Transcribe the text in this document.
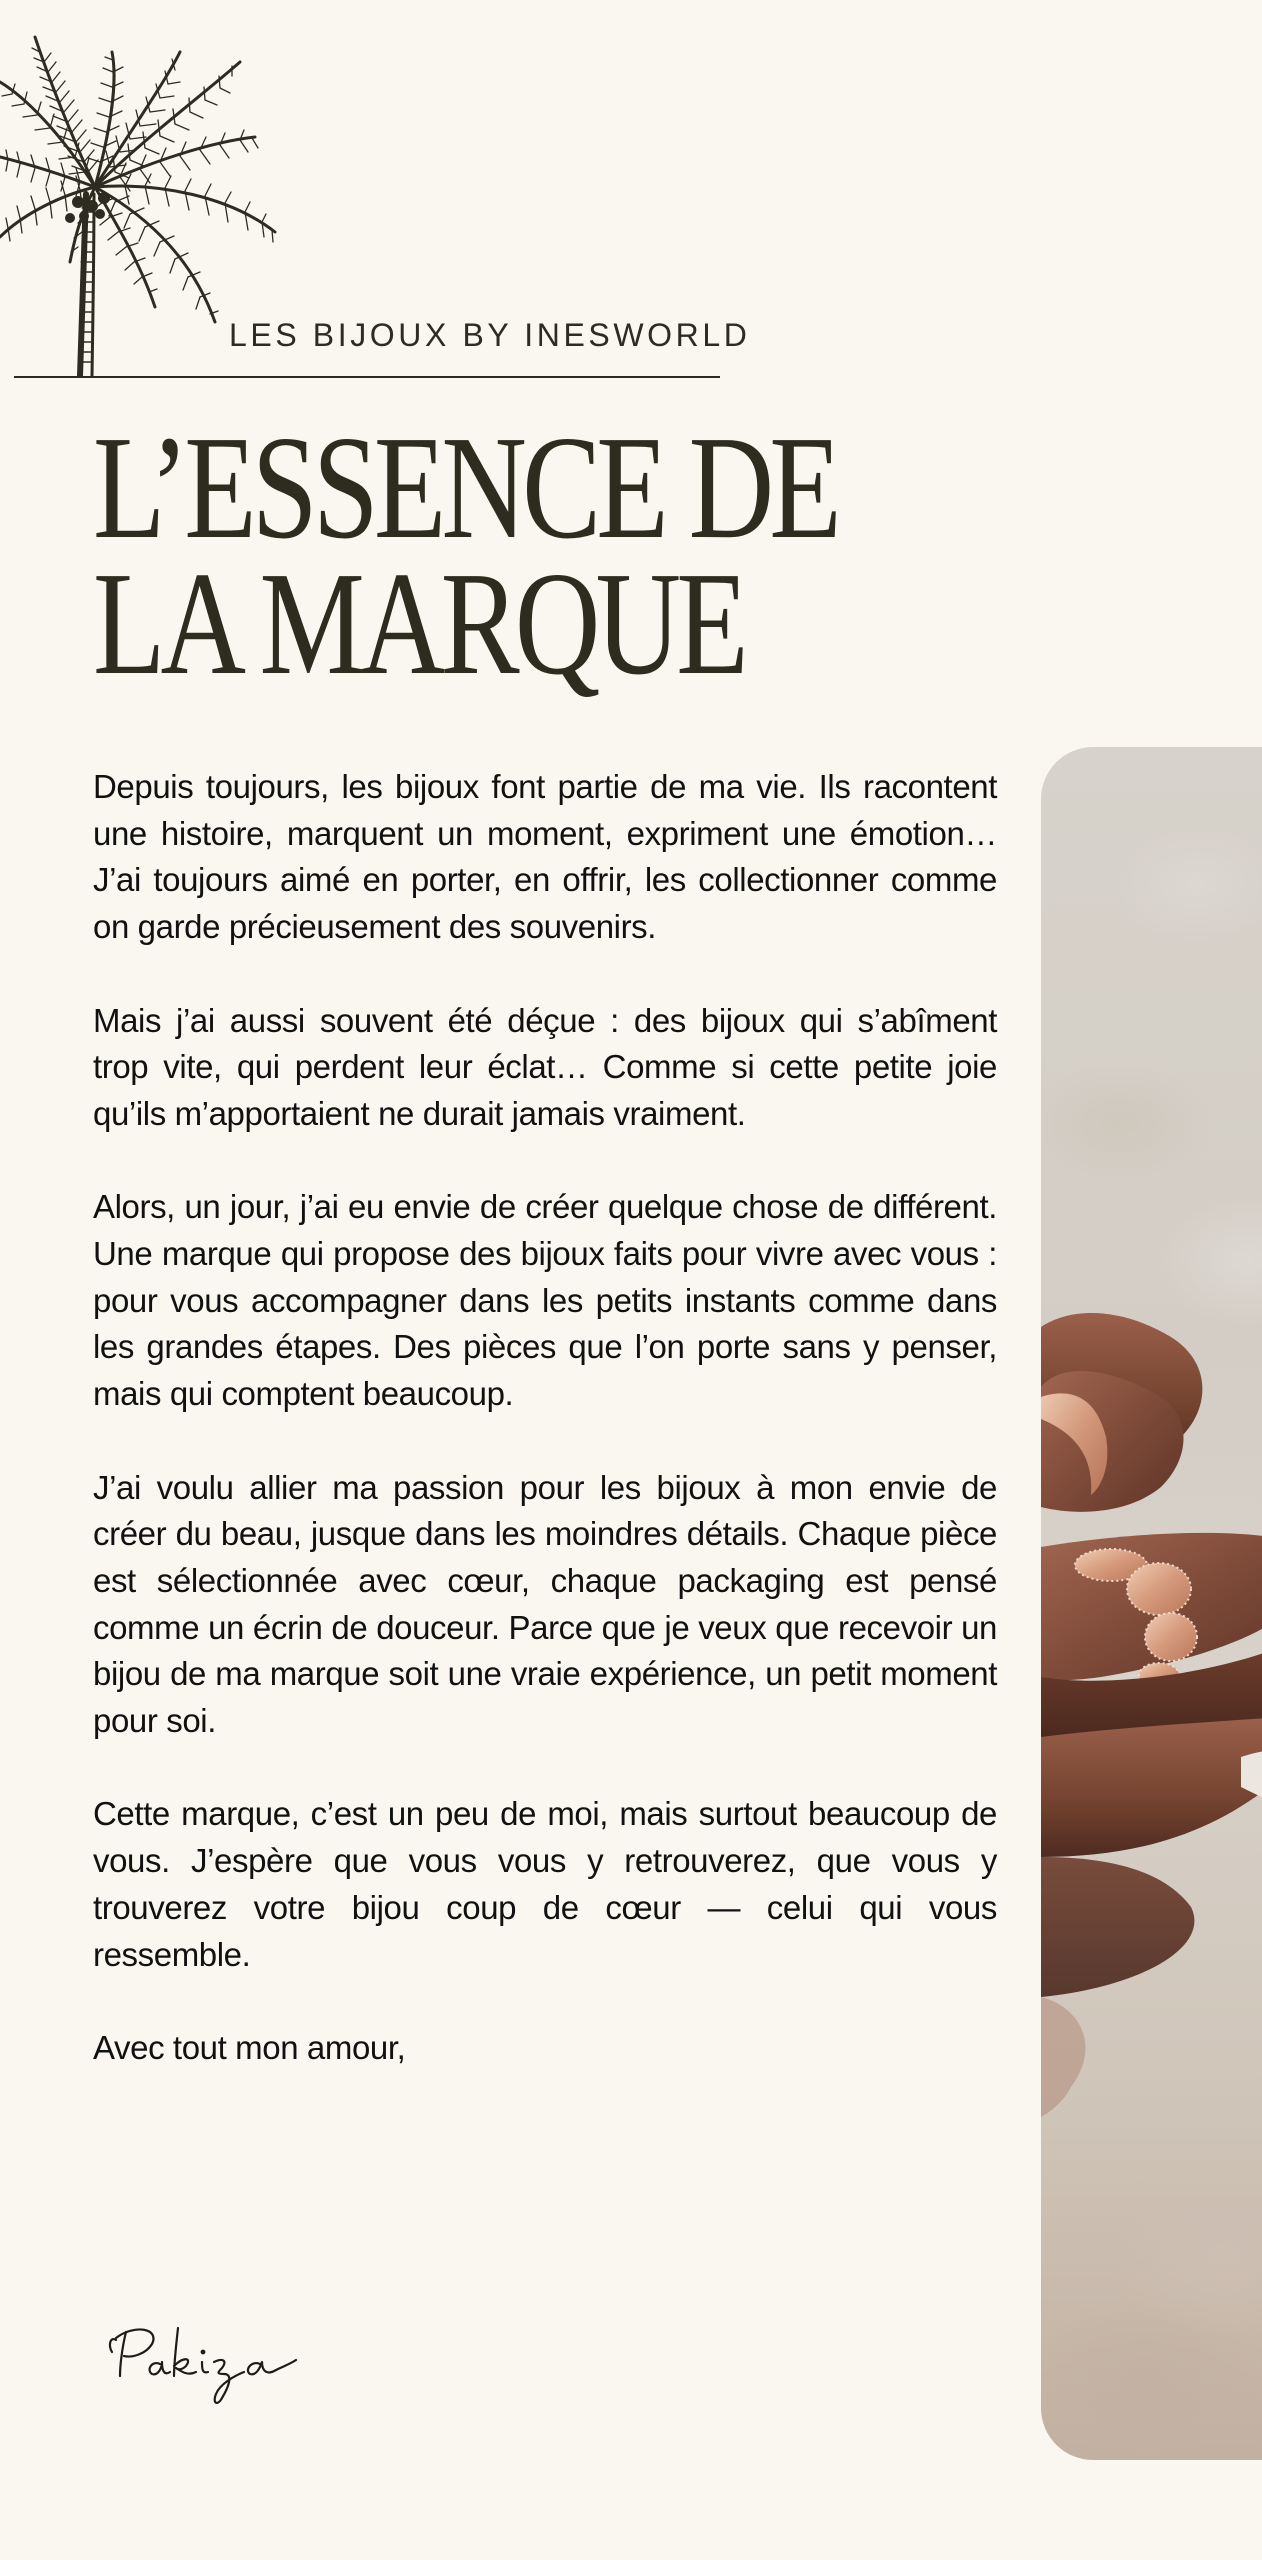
LES BIJOUX BY INESWORLD
L’ESSENCE DE
LA MARQUE

Depuis toujours, les bijoux font partie de ma vie. Ils racontent une histoire, marquent un moment, expriment une émotion… J’ai toujours aimé en porter, en offrir, les collectionner comme on garde précieusement des souvenirs.

Mais j’ai aussi souvent été déçue : des bijoux qui s’abîment trop vite, qui perdent leur éclat… Comme si cette petite joie qu’ils m’apportaient ne durait jamais vraiment.

Alors, un jour, j’ai eu envie de créer quelque chose de différent. Une marque qui propose des bijoux faits pour vivre avec vous : pour vous accompagner dans les petits instants comme dans les grandes étapes. Des pièces que l’on porte sans y penser, mais qui comptent beaucoup.

J’ai voulu allier ma passion pour les bijoux à mon envie de créer du beau, jusque dans les moindres détails. Chaque pièce est sélectionnée avec cœur, chaque packaging est pensé comme un écrin de douceur. Parce que je veux que recevoir un bijou de ma marque soit une vraie expérience, un petit moment pour soi.

Cette marque, c’est un peu de moi, mais surtout beaucoup de vous. J’espère que vous vous y retrouverez, que vous y trouverez votre bijou coup de cœur — celui qui vous ressemble.

Avec tout mon amour,
